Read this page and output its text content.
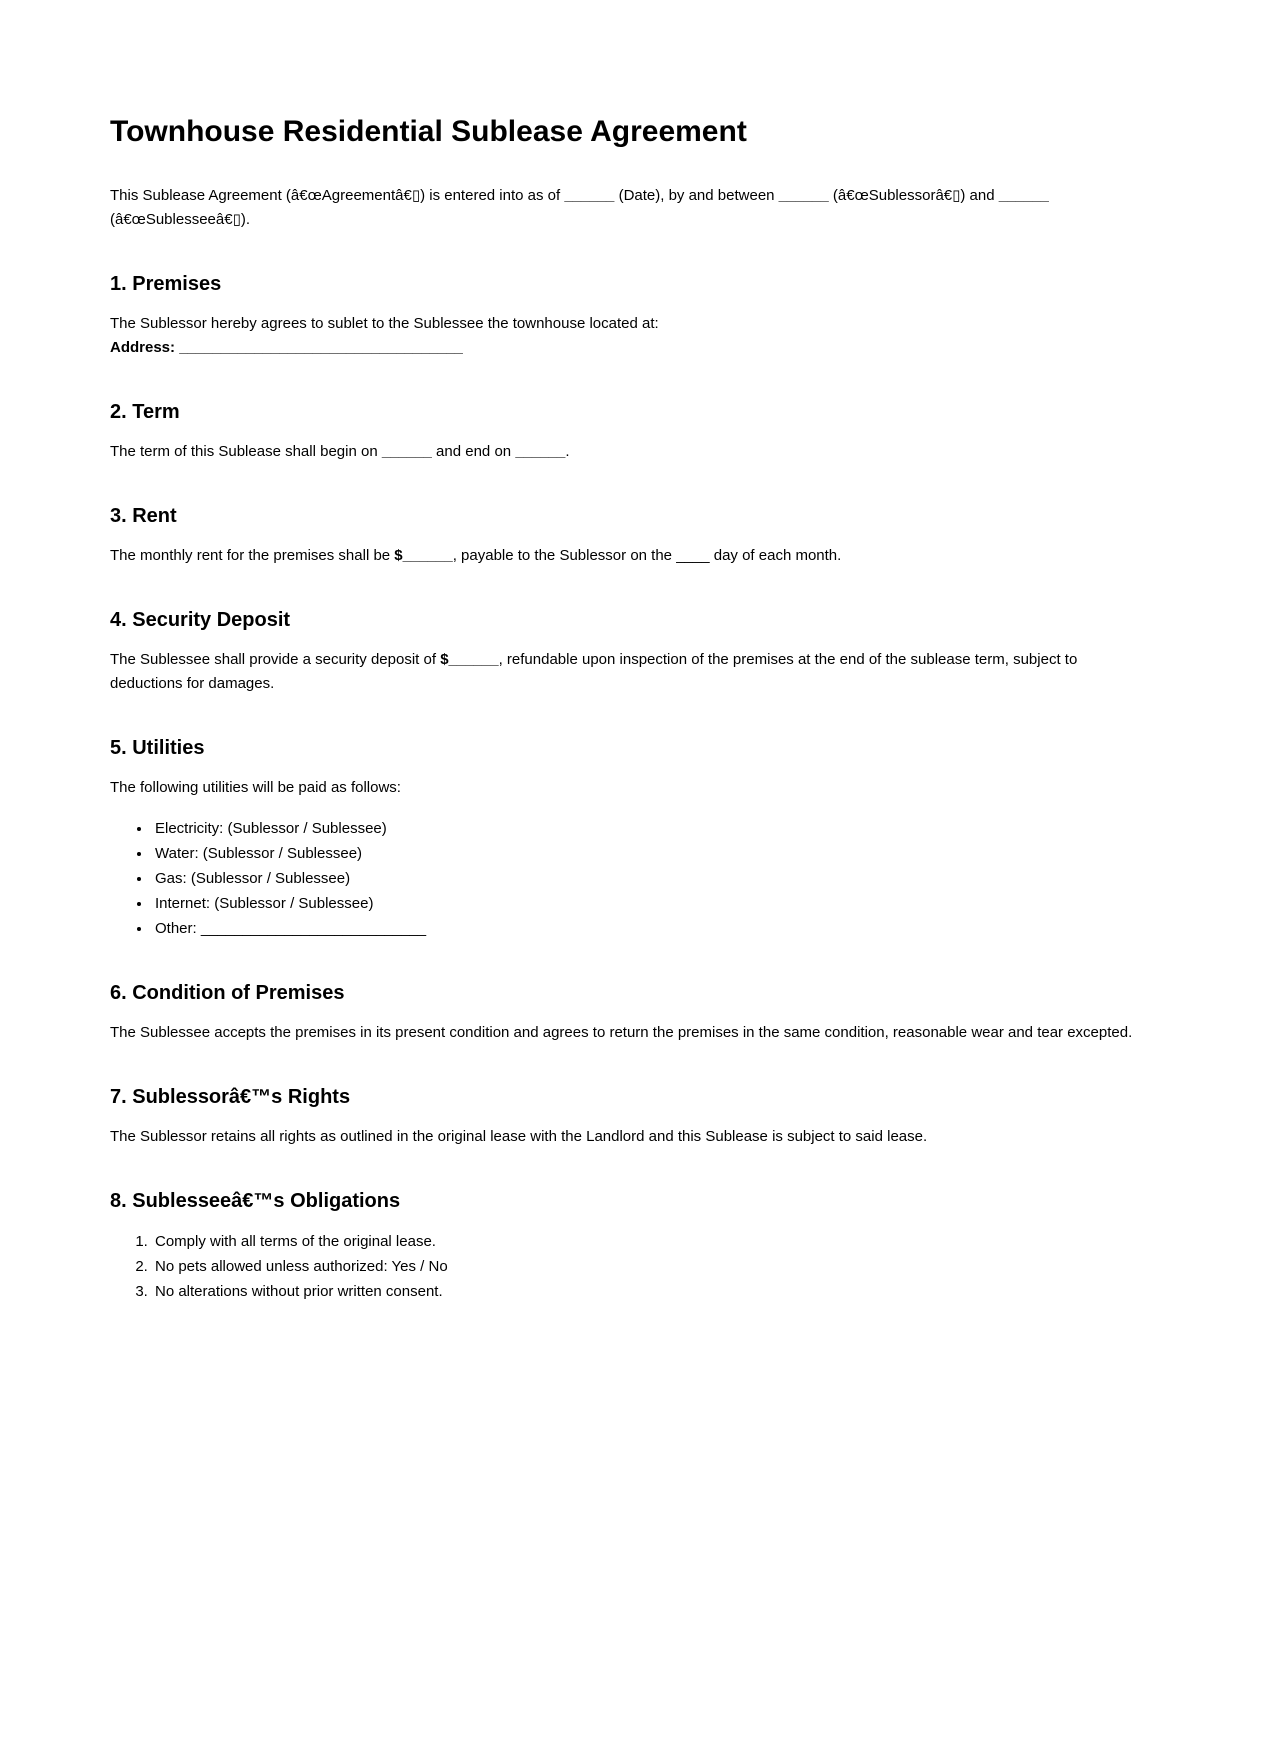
Townhouse Residential Sublease Agreement

This Sublease Agreement (â€œAgreementâ€▯) is entered into as of ______ (Date), by and between ______ (â€œSublessorâ€▯) and ______ (â€œSublesseeâ€▯).

1. Premises

The Sublessor hereby agrees to sublet to the Sublessee the townhouse located at:
Address: __________________________________

2. Term

The term of this Sublease shall begin on ______ and end on ______.

3. Rent

The monthly rent for the premises shall be $______, payable to the Sublessor on the ____ day of each month.

4. Security Deposit

The Sublessee shall provide a security deposit of $______, refundable upon inspection of the premises at the end of the sublease term, subject to deductions for damages.

5. Utilities

The following utilities will be paid as follows:

• Electricity: (Sublessor / Sublessee)
• Water: (Sublessor / Sublessee)
• Gas: (Sublessor / Sublessee)
• Internet: (Sublessor / Sublessee)
• Other: ___________________________
6. Condition of Premises

The Sublessee accepts the premises in its present condition and agrees to return the premises in the same condition, reasonable wear and tear excepted.

7. Sublessorâ€™s Rights

The Sublessor retains all rights as outlined in the original lease with the Landlord and this Sublease is subject to said lease.

8. Sublesseeâ€™s Obligations
1. Comply with all terms of the original lease.
2. No pets allowed unless authorized: Yes / No
3. No alterations without prior written consent.
